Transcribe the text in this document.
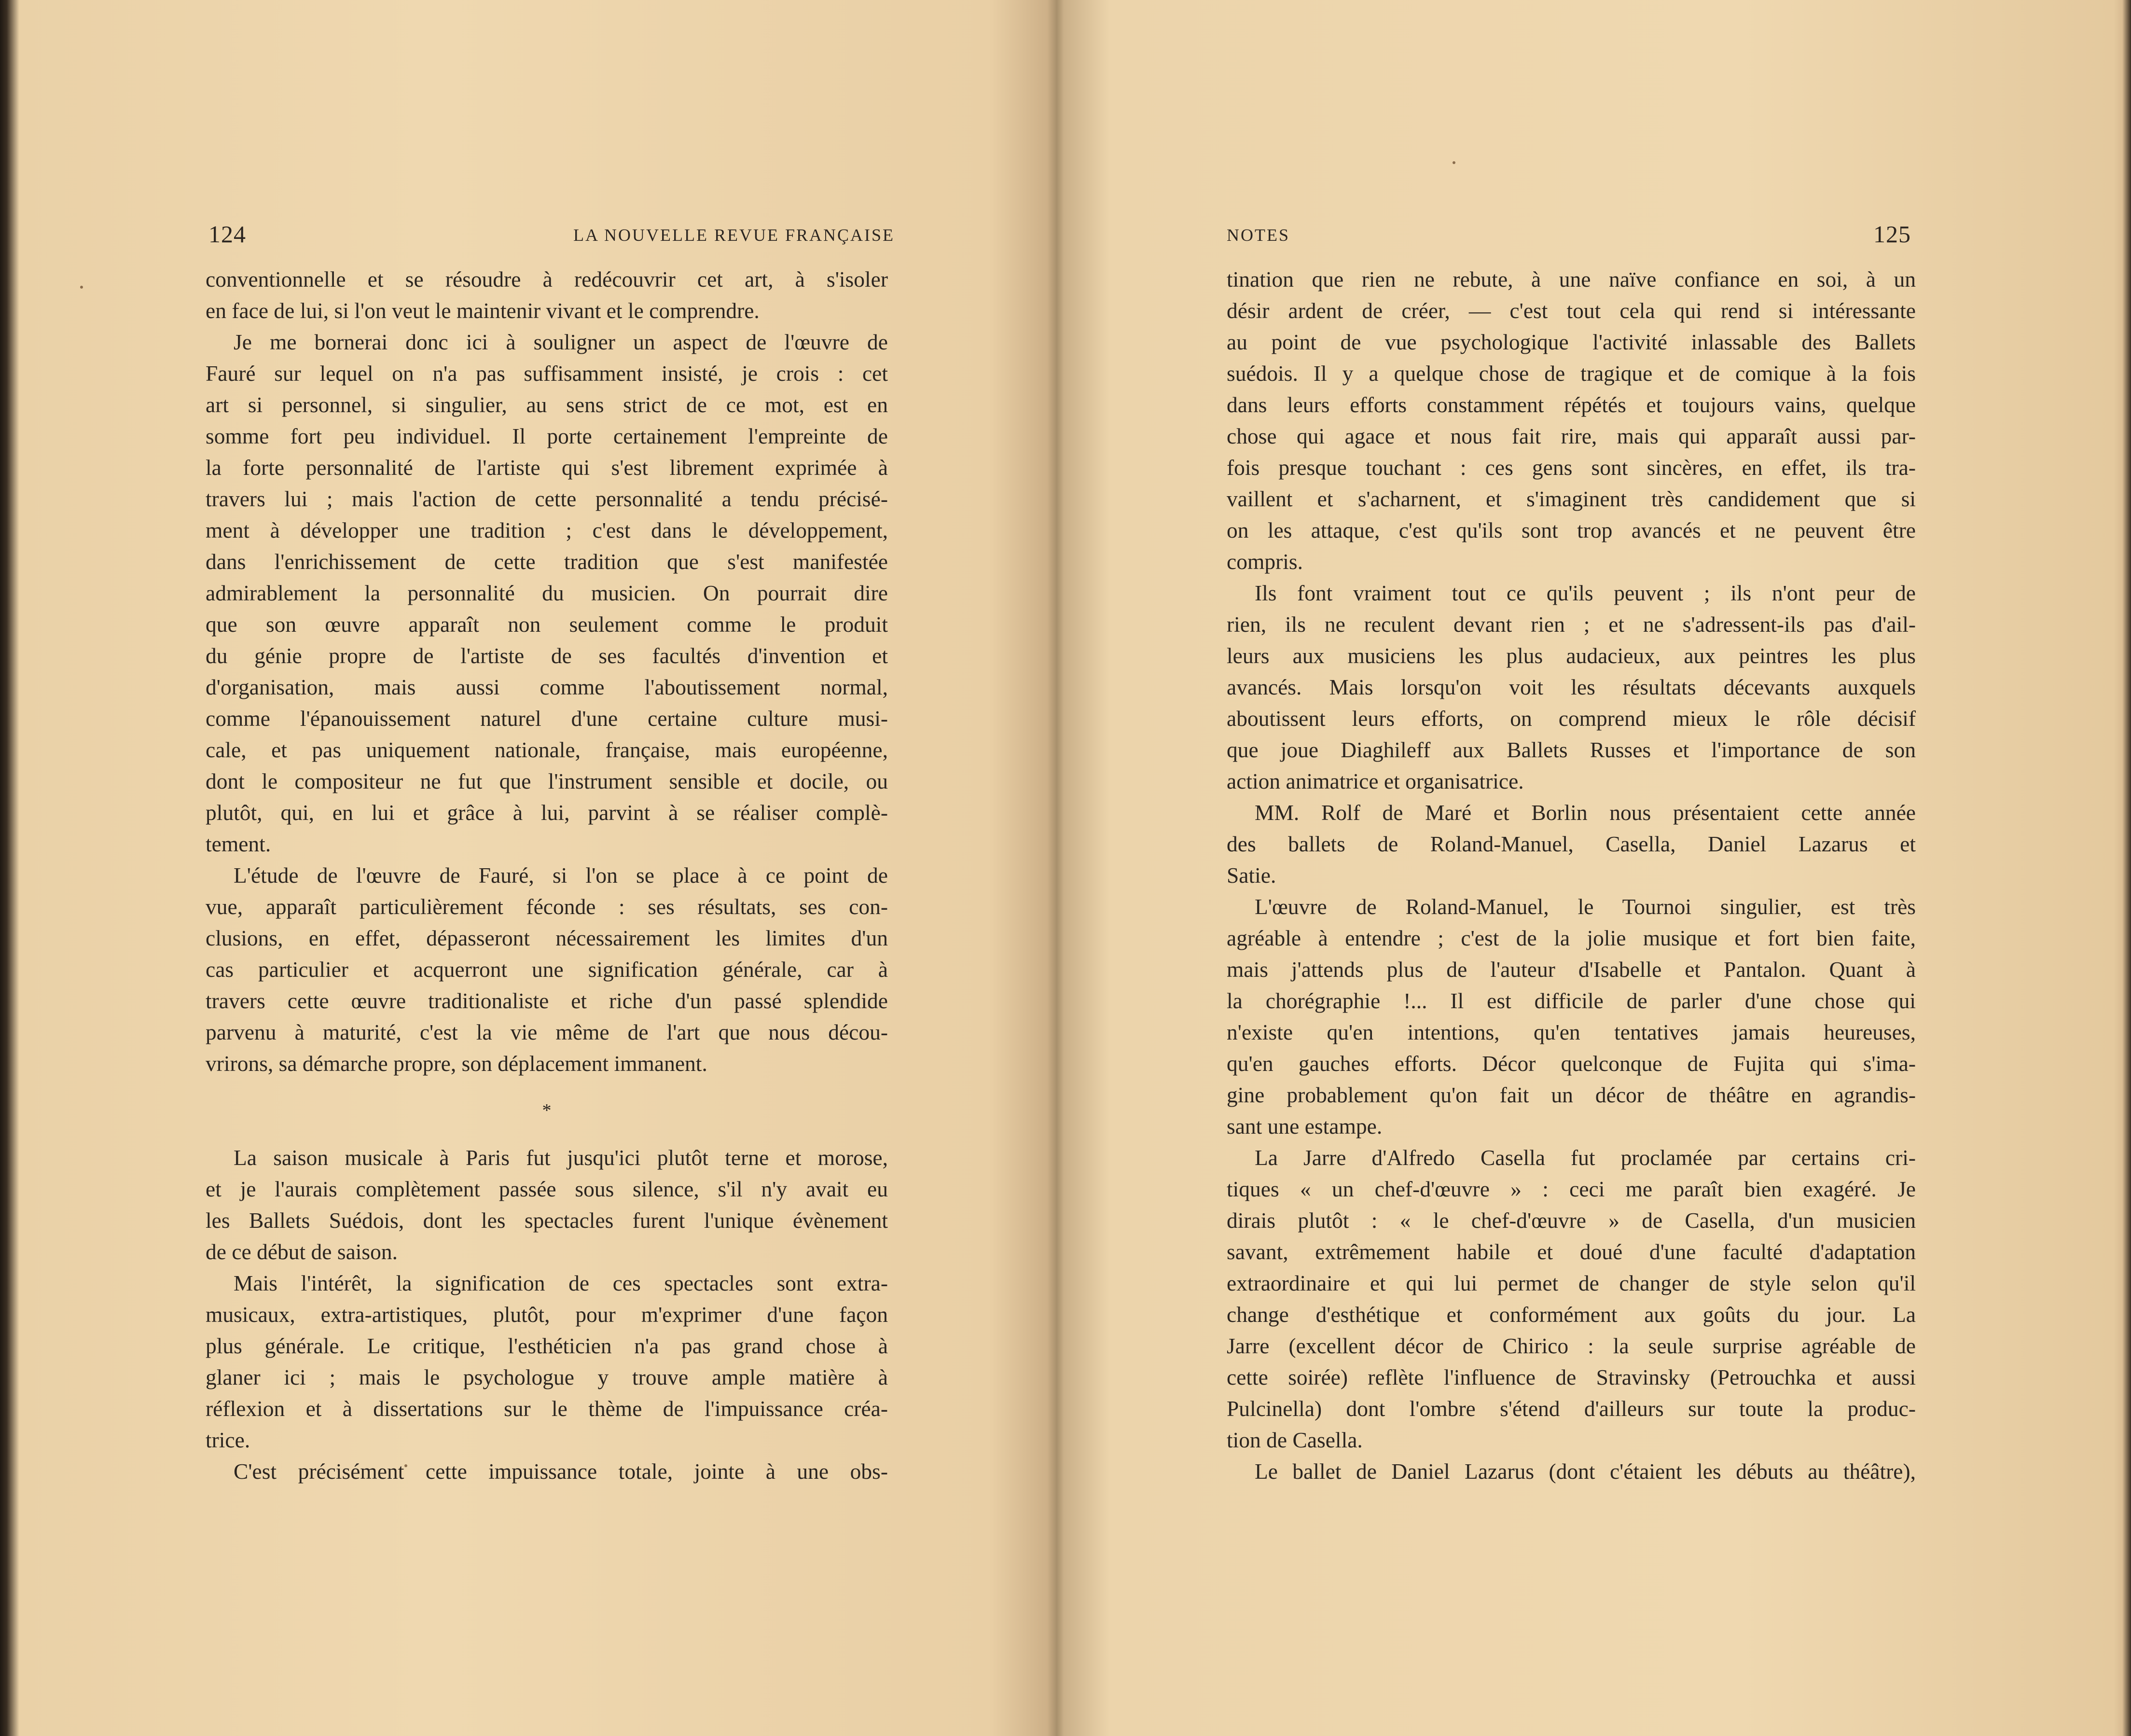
124	LA NOUVELLE REVUE FRANÇAISE
conventionnelle et se résoudre à redécouvrir cet art, à s'isoler
en face de lui, si l'on veut le maintenir vivant et le comprendre.
Je me bornerai donc ici à souligner un aspect de l'œuvre de
Fauré sur lequel on n'a pas suffisamment insisté, je crois : cet
art si personnel, si singulier, au sens strict de ce mot, est en
somme fort peu individuel. Il porte certainement l'empreinte de
la forte personnalité de l'artiste qui s'est librement exprimée à
travers lui ; mais l'action de cette personnalité a tendu précisé-
ment à développer une tradition ; c'est dans le développement,
dans l'enrichissement de cette tradition que s'est manifestée
admirablement la personnalité du musicien. On pourrait dire
que son œuvre apparaît non seulement comme le produit
du génie propre de l'artiste de ses facultés d'invention et
d'organisation, mais aussi comme l'aboutissement normal,
comme l'épanouissement naturel d'une certaine culture musi-
cale, et pas uniquement nationale, française, mais européenne,
dont le compositeur ne fut que l'instrument sensible et docile, ou
plutôt, qui, en lui et grâce à lui, parvint à se réaliser complè-
tement.
L'étude de l'œuvre de Fauré, si l'on se place à ce point de
vue, apparaît particulièrement féconde : ses résultats, ses con-
clusions, en effet, dépasseront nécessairement les limites d'un
cas particulier et acquerront une signification générale, car à
travers cette œuvre traditionaliste et riche d'un passé splendide
parvenu à maturité, c'est la vie même de l'art que nous décou-
vrirons, sa démarche propre, son déplacement immanent.
*
La saison musicale à Paris fut jusqu'ici plutôt terne et morose,
et je l'aurais complètement passée sous silence, s'il n'y avait eu
les Ballets Suédois, dont les spectacles furent l'unique évènement
de ce début de saison.
Mais l'intérêt, la signification de ces spectacles sont extra-
musicaux, extra-artistiques, plutôt, pour m'exprimer d'une façon
plus générale. Le critique, l'esthéticien n'a pas grand chose à
glaner ici ; mais le psychologue y trouve ample matière à
réflexion et à dissertations sur le thème de l'impuissance créa-
trice.
C'est précisément cette impuissance totale, jointe à une obs-
NOTES	125
tination que rien ne rebute, à une naïve confiance en soi, à un
désir ardent de créer, — c'est tout cela qui rend si intéressante
au point de vue psychologique l'activité inlassable des Ballets
suédois. Il y a quelque chose de tragique et de comique à la fois
dans leurs efforts constamment répétés et toujours vains, quelque
chose qui agace et nous fait rire, mais qui apparaît aussi par-
fois presque touchant : ces gens sont sincères, en effet, ils tra-
vaillent et s'acharnent, et s'imaginent très candidement que si
on les attaque, c'est qu'ils sont trop avancés et ne peuvent être
compris.
Ils font vraiment tout ce qu'ils peuvent ; ils n'ont peur de
rien, ils ne reculent devant rien ; et ne s'adressent-ils pas d'ail-
leurs aux musiciens les plus audacieux, aux peintres les plus
avancés. Mais lorsqu'on voit les résultats décevants auxquels
aboutissent leurs efforts, on comprend mieux le rôle décisif
que joue Diaghileff aux Ballets Russes et l'importance de son
action animatrice et organisatrice.
MM. Rolf de Maré et Borlin nous présentaient cette année
des ballets de Roland-Manuel, Casella, Daniel Lazarus et
Satie.
L'œuvre de Roland-Manuel, le Tournoi singulier, est très
agréable à entendre ; c'est de la jolie musique et fort bien faite,
mais j'attends plus de l'auteur d'Isabelle et Pantalon. Quant à
la chorégraphie !... Il est difficile de parler d'une chose qui
n'existe qu'en intentions, qu'en tentatives jamais heureuses,
qu'en gauches efforts. Décor quelconque de Fujita qui s'ima-
gine probablement qu'on fait un décor de théâtre en agrandis-
sant une estampe.
La Jarre d'Alfredo Casella fut proclamée par certains cri-
tiques « un chef-d'œuvre » : ceci me paraît bien exagéré. Je
dirais plutôt : « le chef-d'œuvre » de Casella, d'un musicien
savant, extrêmement habile et doué d'une faculté d'adaptation
extraordinaire et qui lui permet de changer de style selon qu'il
change d'esthétique et conformément aux goûts du jour. La
Jarre (excellent décor de Chirico : la seule surprise agréable de
cette soirée) reflète l'influence de Stravinsky (Petrouchka et aussi
Pulcinella) dont l'ombre s'étend d'ailleurs sur toute la produc-
tion de Casella.
Le ballet de Daniel Lazarus (dont c'étaient les débuts au théâtre),
